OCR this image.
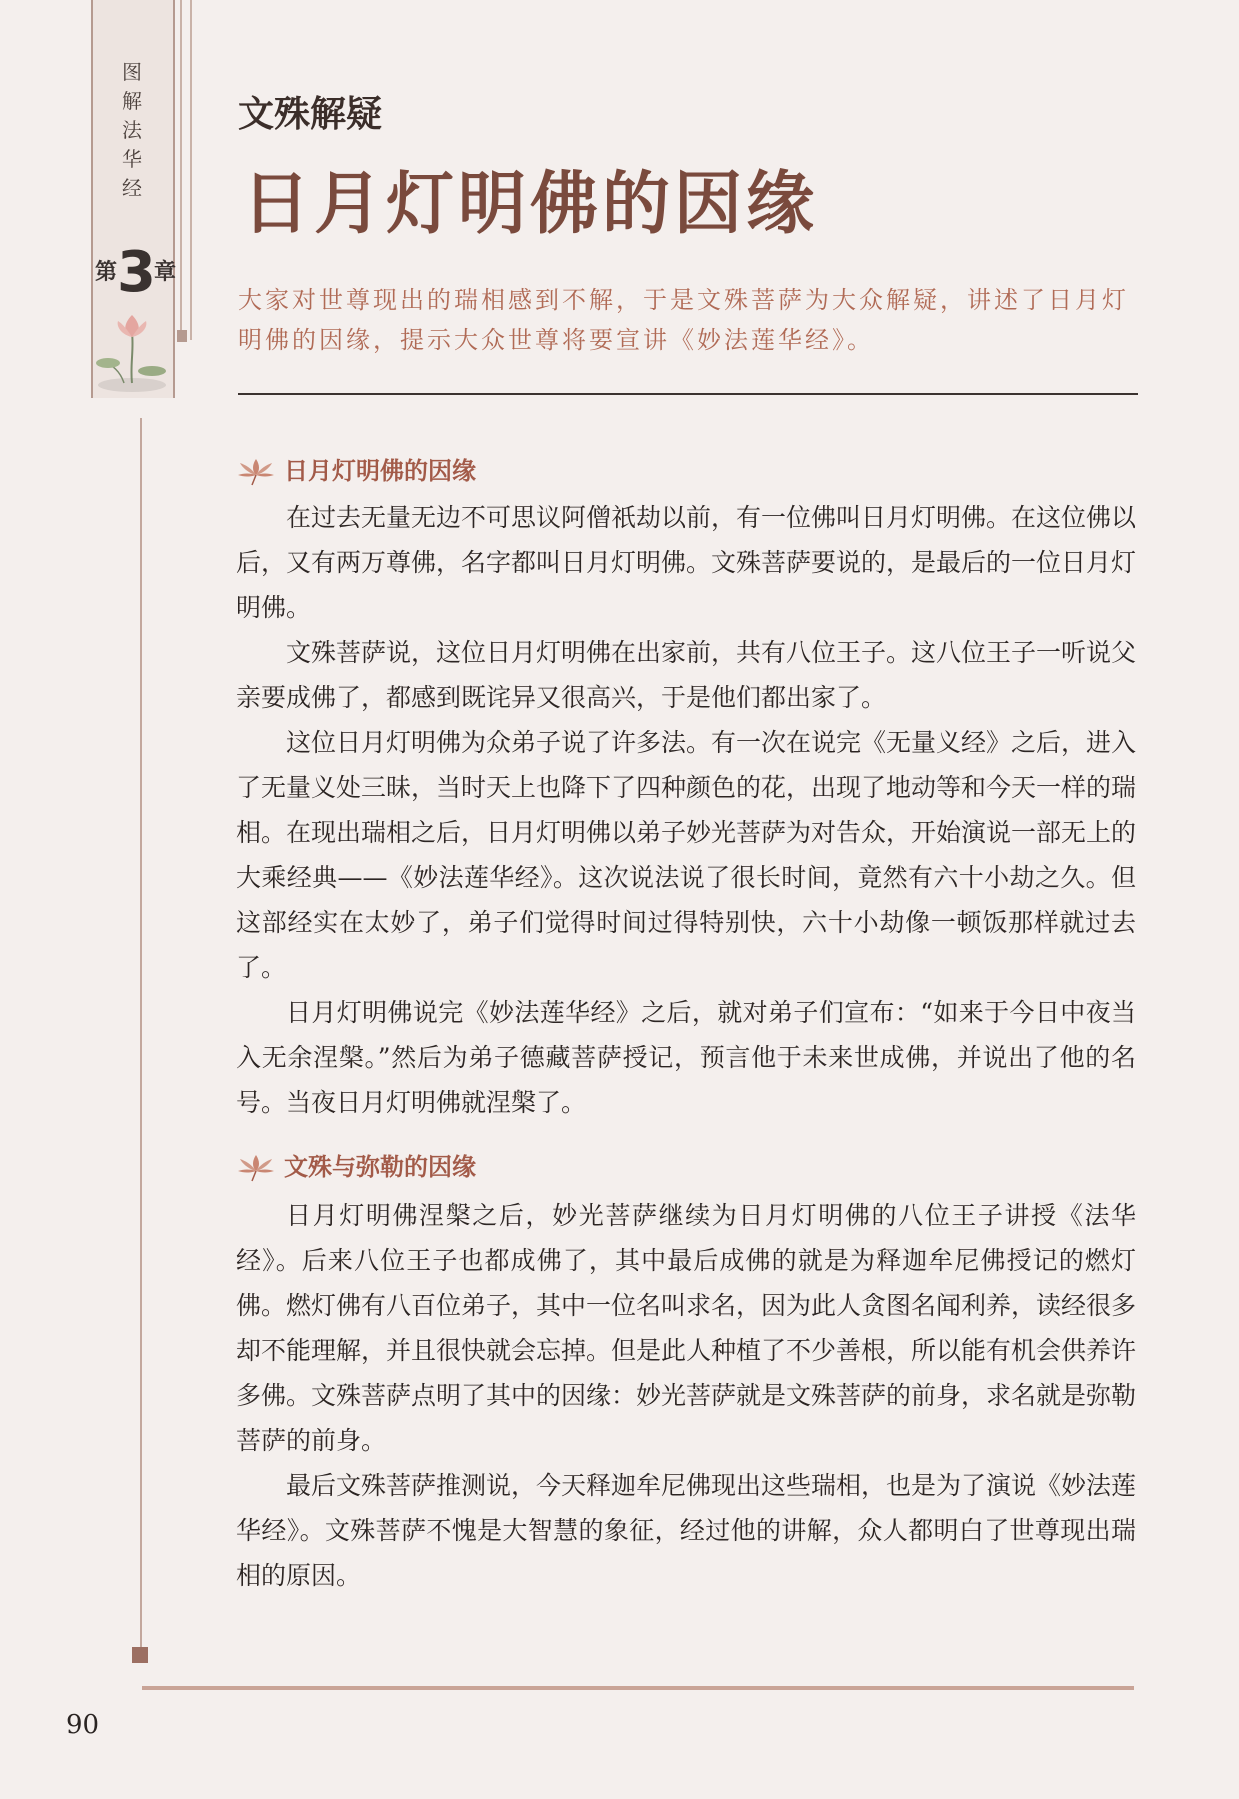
图解法华经
第3章
文殊解疑
日月灯明佛的因缘
大家对世尊现出的瑞相感到不解，于是文殊菩萨为大众解疑，讲述了日月灯明佛的因缘，提示大众世尊将要宣讲《妙法莲华经》。
日月灯明佛的因缘

在过去无量无边不可思议阿僧祇劫以前，有一位佛叫日月灯明佛。在这位佛以后，又有两万尊佛，名字都叫日月灯明佛。文殊菩萨要说的，是最后的一位日月灯明佛。

文殊菩萨说，这位日月灯明佛在出家前，共有八位王子。这八位王子一听说父亲要成佛了，都感到既诧异又很高兴，于是他们都出家了。

这位日月灯明佛为众弟子说了许多法。有一次在说完《无量义经》之后，进入了无量义处三昧，当时天上也降下了四种颜色的花，出现了地动等和今天一样的瑞相。在现出瑞相之后，日月灯明佛以弟子妙光菩萨为对告众，开始演说一部无上的大乘经典——《妙法莲华经》。这次说法说了很长时间，竟然有六十小劫之久。但这部经实在太妙了，弟子们觉得时间过得特别快，六十小劫像一顿饭那样就过去了。

日月灯明佛说完《妙法莲华经》之后，就对弟子们宣布：“如来于今日中夜当入无余涅槃。”然后为弟子德藏菩萨授记，预言他于未来世成佛，并说出了他的名号。当夜日月灯明佛就涅槃了。

文殊与弥勒的因缘

日月灯明佛涅槃之后，妙光菩萨继续为日月灯明佛的八位王子讲授《法华经》。后来八位王子也都成佛了，其中最后成佛的就是为释迦牟尼佛授记的燃灯佛。燃灯佛有八百位弟子，其中一位名叫求名，因为此人贪图名闻利养，读经很多却不能理解，并且很快就会忘掉。但是此人种植了不少善根，所以能有机会供养许多佛。文殊菩萨点明了其中的因缘：妙光菩萨就是文殊菩萨的前身，求名就是弥勒菩萨的前身。

最后文殊菩萨推测说，今天释迦牟尼佛现出这些瑞相，也是为了演说《妙法莲华经》。文殊菩萨不愧是大智慧的象征，经过他的讲解，众人都明白了世尊现出瑞相的原因。

90
